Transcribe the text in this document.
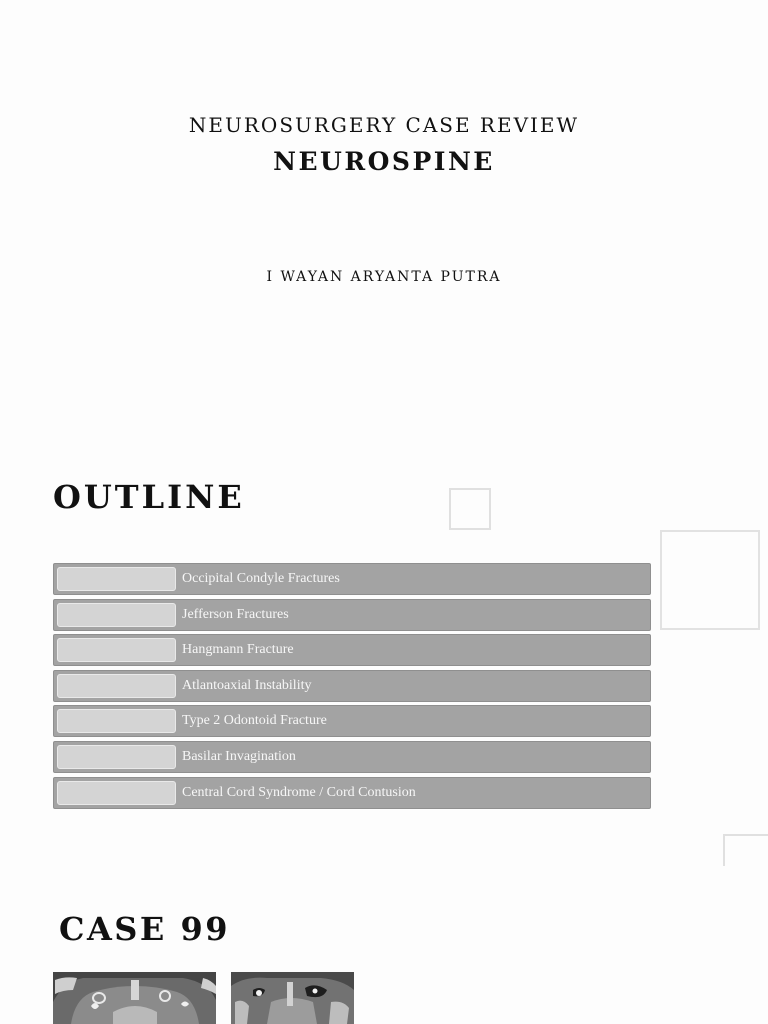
NEUROSURGERY CASE REVIEW
NEUROSPINE
I WAYAN ARYANTA PUTRA
OUTLINE
Occipital Condyle Fractures
Jefferson Fractures
Hangmann Fracture
Atlantoaxial Instability
Type 2 Odontoid Fracture
Basilar Invagination
Central Cord Syndrome / Cord Contusion
CASE 99
